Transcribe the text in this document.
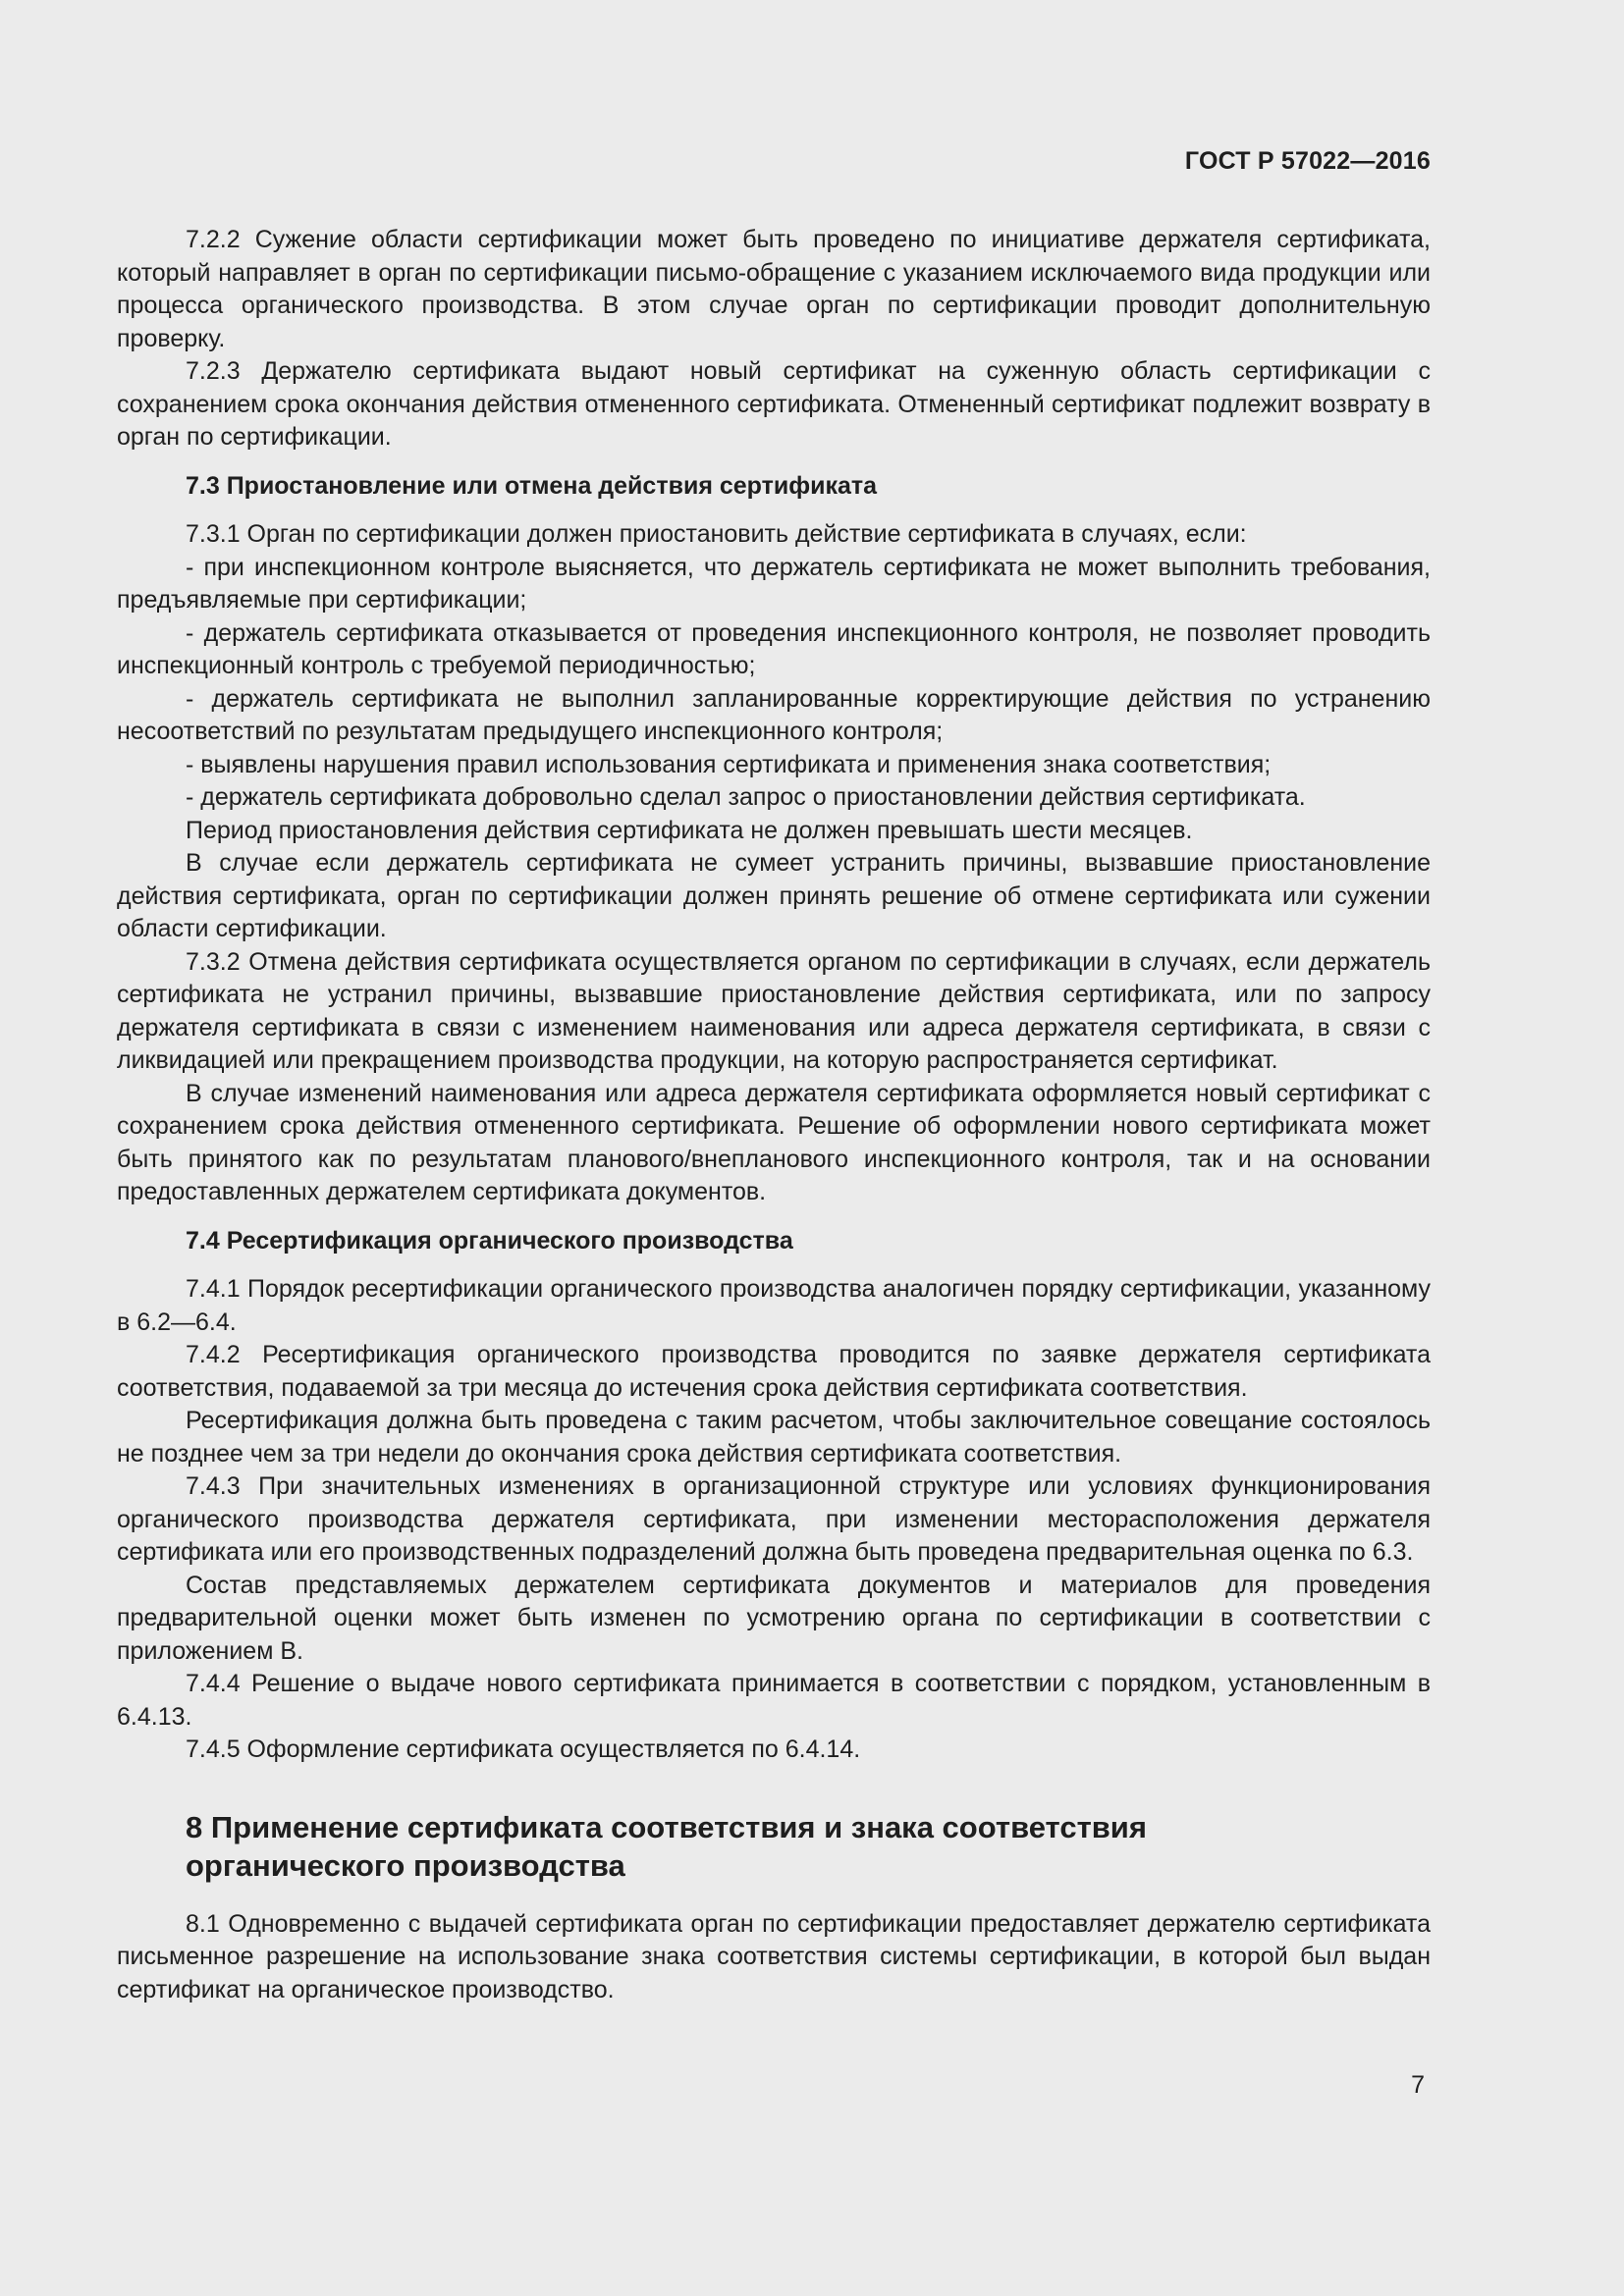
ГОСТ Р 57022—2016

7.2.2 Сужение области сертификации может быть проведено по инициативе держателя сертификата, который направляет в орган по сертификации письмо-обращение с указанием исключаемого вида продукции или процесса органического производства. В этом случае орган по сертификации проводит дополнительную проверку.

7.2.3 Держателю сертификата выдают новый сертификат на суженную область сертификации с сохранением срока окончания действия отмененного сертификата. Отмененный сертификат подлежит возврату в орган по сертификации.

7.3 Приостановление или отмена действия сертификата

7.3.1 Орган по сертификации должен приостановить действие сертификата в случаях, если:

- при инспекционном контроле выясняется, что держатель сертификата не может выполнить требования, предъявляемые при сертификации;

- держатель сертификата отказывается от проведения инспекционного контроля, не позволяет проводить инспекционный контроль с требуемой периодичностью;

- держатель сертификата не выполнил запланированные корректирующие действия по устранению несоответствий по результатам предыдущего инспекционного контроля;

- выявлены нарушения правил использования сертификата и применения знака соответствия;

- держатель сертификата добровольно сделал запрос о приостановлении действия сертификата.

Период приостановления действия сертификата не должен превышать шести месяцев.

В случае если держатель сертификата не сумеет устранить причины, вызвавшие приостановление действия сертификата, орган по сертификации должен принять решение об отмене сертификата или сужении области сертификации.

7.3.2 Отмена действия сертификата осуществляется органом по сертификации в случаях, если держатель сертификата не устранил причины, вызвавшие приостановление действия сертификата, или по запросу держателя сертификата в связи с изменением наименования или адреса держателя сертификата, в связи с ликвидацией или прекращением производства продукции, на которую распространяется сертификат.

В случае изменений наименования или адреса держателя сертификата оформляется новый сертификат с сохранением срока действия отмененного сертификата. Решение об оформлении нового сертификата может быть принятого как по результатам планового/внепланового инспекционного контроля, так и на основании предоставленных держателем сертификата документов.

7.4 Ресертификация органического производства

7.4.1 Порядок ресертификации органического производства аналогичен порядку сертификации, указанному в 6.2—6.4.

7.4.2 Ресертификация органического производства проводится по заявке держателя сертификата соответствия, подаваемой за три месяца до истечения срока действия сертификата соответствия.

Ресертификация должна быть проведена с таким расчетом, чтобы заключительное совещание состоялось не позднее чем за три недели до окончания срока действия сертификата соответствия.

7.4.3 При значительных изменениях в организационной структуре или условиях функционирования органического производства держателя сертификата, при изменении месторасположения держателя сертификата или его производственных подразделений должна быть проведена предварительная оценка по 6.3.

Состав представляемых держателем сертификата документов и материалов для проведения предварительной оценки может быть изменен по усмотрению органа по сертификации в соответствии с приложением В.

7.4.4 Решение о выдаче нового сертификата принимается в соответствии с порядком, установленным в 6.4.13.

7.4.5 Оформление сертификата осуществляется по 6.4.14.

8 Применение сертификата соответствия и знака соответствия
органического производства

8.1 Одновременно с выдачей сертификата орган по сертификации предоставляет держателю сертификата письменное разрешение на использование знака соответствия системы сертификации, в которой был выдан сертификат на органическое производство.

7
